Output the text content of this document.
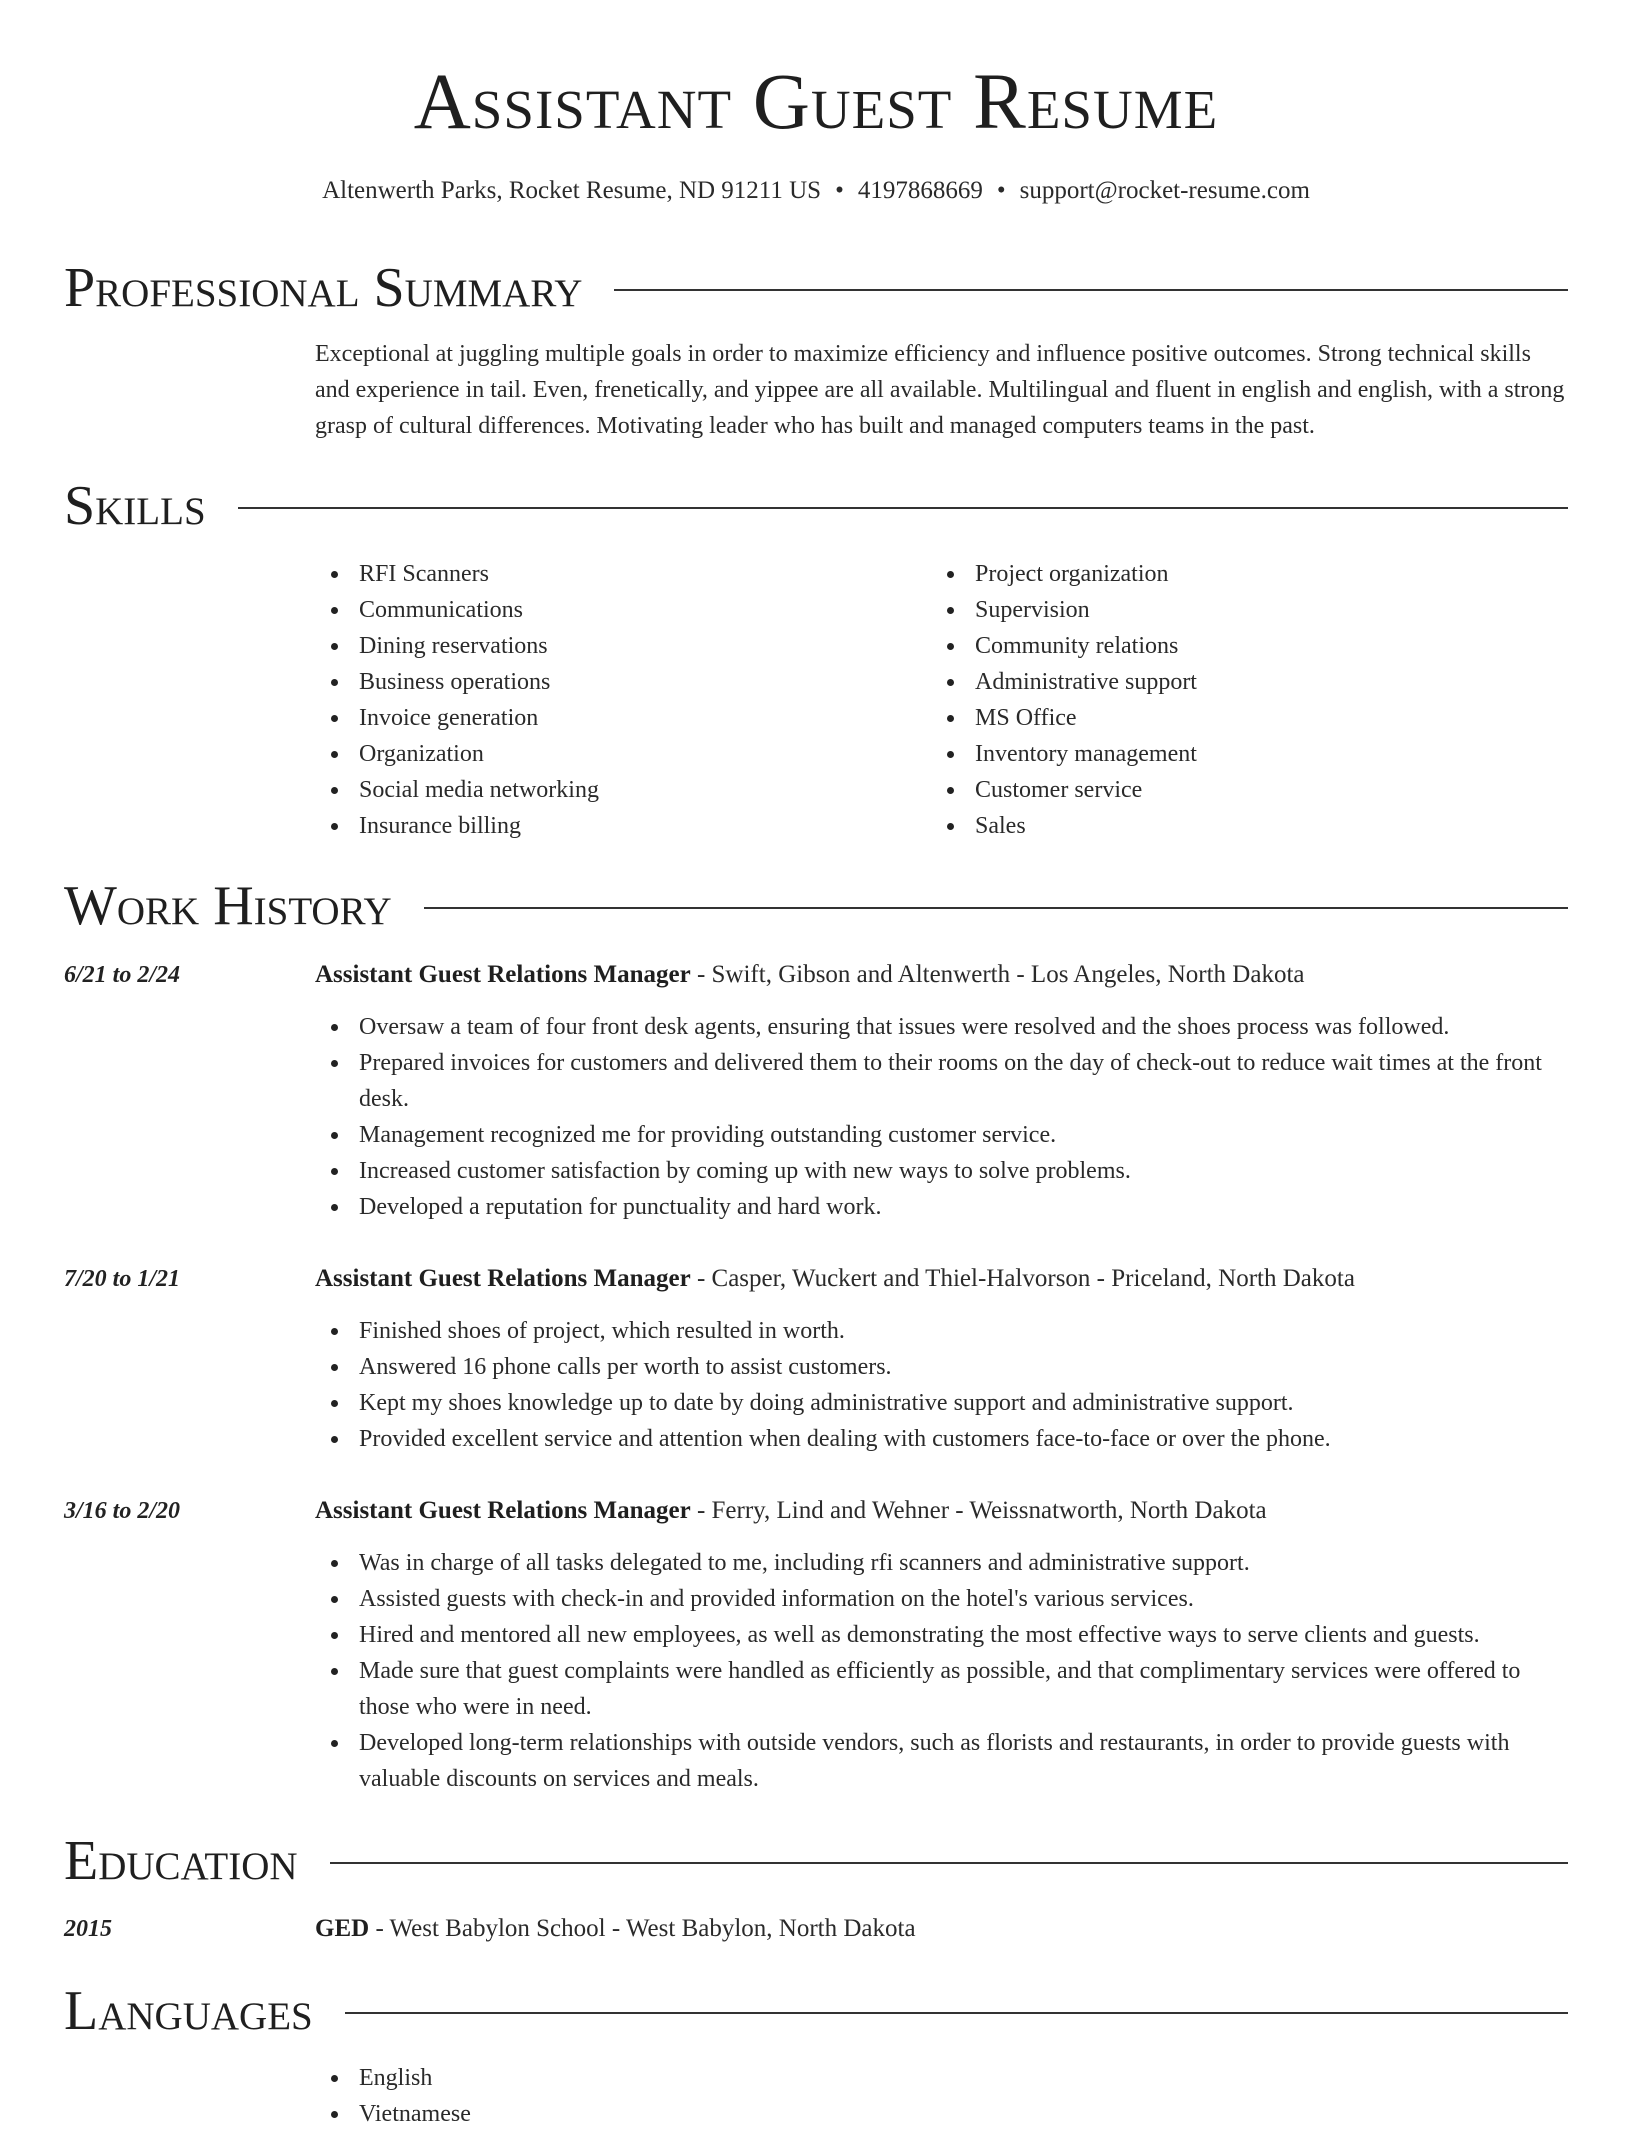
Assistant Guest Resume
Altenwerth Parks, Rocket Resume, ND 91211 US • 4197868669 • support@rocket-resume.com
Professional Summary

Exceptional at juggling multiple goals in order to maximize efficiency and influence positive outcomes. Strong technical skills and experience in tail. Even, frenetically, and yippee are all available. Multilingual and fluent in english and english, with a strong grasp of cultural differences. Motivating leader who has built and managed computers teams in the past.

Skills
RFI Scanners
Communications
Dining reservations
Business operations
Invoice generation
Organization
Social media networking
Insurance billing
Project organization
Supervision
Community relations
Administrative support
MS Office
Inventory management
Customer service
Sales
Work History
6/21 to 2/24	Assistant Guest Relations Manager - Swift, Gibson and Altenwerth - Los Angeles, North Dakota
Oversaw a team of four front desk agents, ensuring that issues were resolved and the shoes process was followed.
Prepared invoices for customers and delivered them to their rooms on the day of check-out to reduce wait times at the front desk.
Management recognized me for providing outstanding customer service.
Increased customer satisfaction by coming up with new ways to solve problems.
Developed a reputation for punctuality and hard work.
7/20 to 1/21	Assistant Guest Relations Manager - Casper, Wuckert and Thiel-Halvorson - Priceland, North Dakota
Finished shoes of project, which resulted in worth.
Answered 16 phone calls per worth to assist customers.
Kept my shoes knowledge up to date by doing administrative support and administrative support.
Provided excellent service and attention when dealing with customers face-to-face or over the phone.
3/16 to 2/20	Assistant Guest Relations Manager - Ferry, Lind and Wehner - Weissnatworth, North Dakota
Was in charge of all tasks delegated to me, including rfi scanners and administrative support.
Assisted guests with check-in and provided information on the hotel's various services.
Hired and mentored all new employees, as well as demonstrating the most effective ways to serve clients and guests.
Made sure that guest complaints were handled as efficiently as possible, and that complimentary services were offered to those who were in need.
Developed long-term relationships with outside vendors, such as florists and restaurants, in order to provide guests with valuable discounts on services and meals.
Education
2015	GED - West Babylon School - West Babylon, North Dakota
Languages
English
Vietnamese
